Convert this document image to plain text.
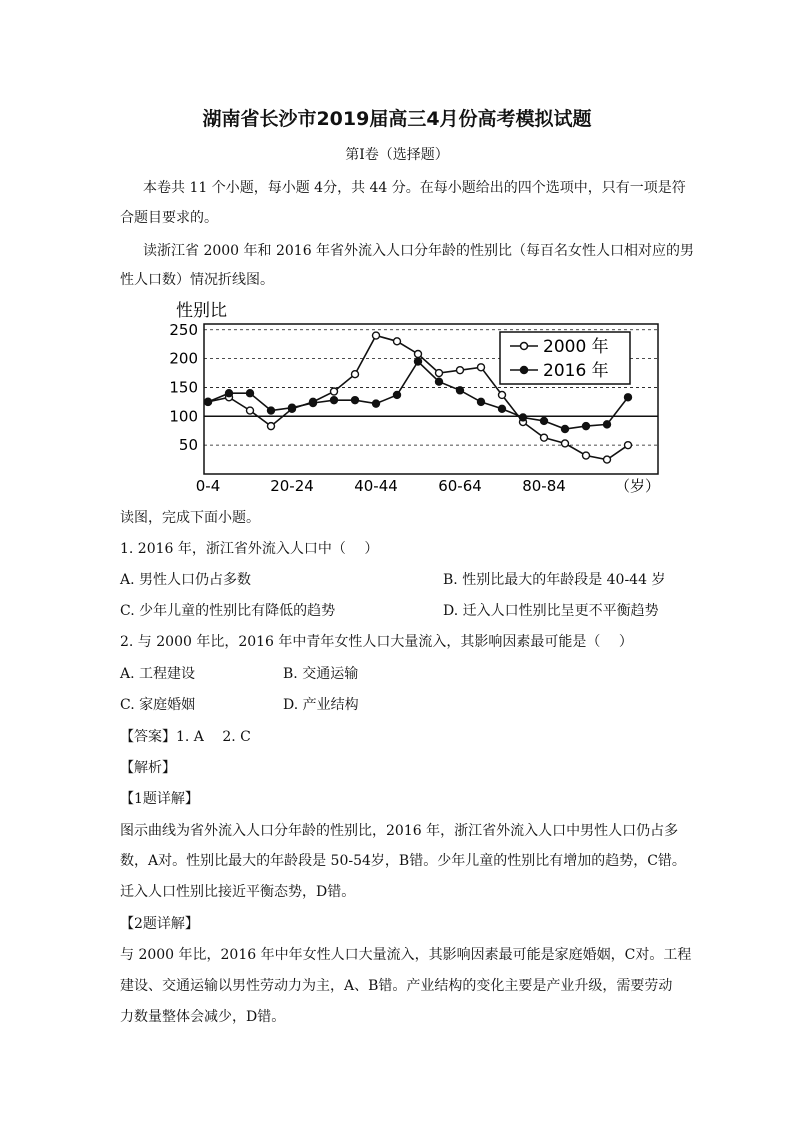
湖南省长沙市2019届高三4月份高考模拟试题
第I卷（选择题）
本卷共 11 个小题，每小题 4分，共 44 分。在每小题给出的四个选项中，只有一项是符
合题目要求的。
读浙江省 2000 年和 2016 年省外流入人口分年龄的性别比（每百名女性人口相对应的男
性人口数）情况折线图。
性别比
50
100
150
200
250
0-4	20-24	40-44	60-64	80-84
2000 年
2016 年
（岁）
读图，完成下面小题。
1. 2016 年，浙江省外流入人口中（　 ）
A. 男性人口仍占多数	B. 性别比最大的年龄段是 40-44 岁
C. 少年儿童的性别比有降低的趋势	D. 迁入人口性别比呈更不平衡趋势
2. 与 2000 年比，2016 年中青年女性人口大量流入，其影响因素最可能是（　 ）
A. 工程建设	B. 交通运输
C. 家庭婚姻	D. 产业结构
【答案】1. A　 2. C
【解析】
【1题详解】
图示曲线为省外流入人口分年龄的性别比，2016 年，浙江省外流入人口中男性人口仍占多
数，A对。性别比最大的年龄段是 50-54岁，B错。少年儿童的性别比有增加的趋势，C错。
迁入人口性别比接近平衡态势，D错。
【2题详解】
与 2000 年比，2016 年中年女性人口大量流入，其影响因素最可能是家庭婚姻，C对。工程
建设、交通运输以男性劳动力为主，A、B错。产业结构的变化主要是产业升级，需要劳动
力数量整体会减少，D错。
